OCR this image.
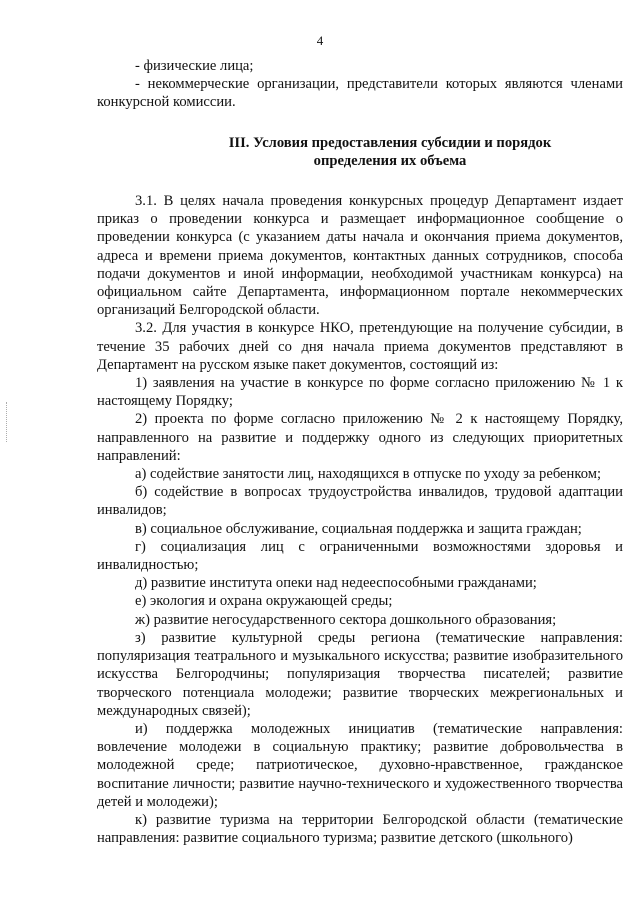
4

- физические лица;

- некоммерческие организации, представители которых являются членами конкурсной комиссии.

III. Условия предоставления субсидии и порядок

определения их объема

3.1. В целях начала проведения конкурсных процедур Департамент издает приказ о проведении конкурса и размещает информационное сообщение о проведении конкурса (с указанием даты начала и окончания приема документов, адреса и времени приема документов, контактных данных сотрудников, способа подачи документов и иной информации, необходимой участникам конкурса) на официальном сайте Департамента, информационном портале некоммерческих организаций Белгородской области.

3.2. Для участия в конкурсе НКО, претендующие на получение субсидии, в течение 35 рабочих дней со дня начала приема документов представляют в Департамент на русском языке пакет документов, состоящий из:

1) заявления на участие в конкурсе по форме согласно приложению № 1 к настоящему Порядку;

2) проекта по форме согласно приложению № 2 к настоящему Порядку, направленного на развитие и поддержку одного из следующих приоритетных направлений:

а) содействие занятости лиц, находящихся в отпуске по уходу за ребенком;

б) содействие в вопросах трудоустройства инвалидов, трудовой адаптации инвалидов;

в) социальное обслуживание, социальная поддержка и защита граждан;

г) социализация лиц с ограниченными возможностями здоровья и инвалидностью;

д) развитие института опеки над недееспособными гражданами;

е) экология и охрана окружающей среды;

ж) развитие негосударственного сектора дошкольного образования;

з) развитие культурной среды региона (тематические направления: популяризация театрального и музыкального искусства; развитие изобразительного искусства Белгородчины; популяризация творчества писателей; развитие творческого потенциала молодежи; развитие творческих межрегиональных и международных связей);

и) поддержка молодежных инициатив (тематические направления: вовлечение молодежи в социальную практику; развитие добровольчества в молодежной среде; патриотическое, духовно-нравственное, гражданское воспитание личности; развитие научно-технического и художественного творчества детей и молодежи);

к) развитие туризма на территории Белгородской области (тематические направления: развитие социального туризма; развитие детского (школьного)
